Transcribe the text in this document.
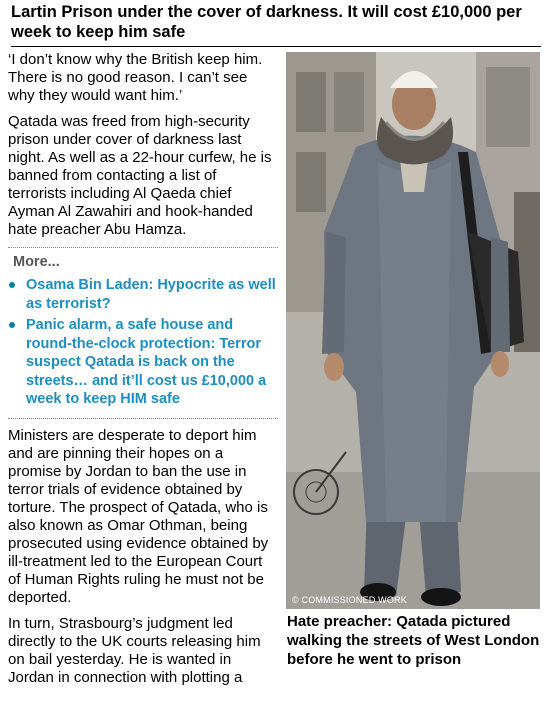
Lartin Prison under the cover of darkness. It will cost £10,000 per week to keep him safe

‘I don’t know why the British keep him. There is no good reason. I can’t see why they would want him.’

Qatada was freed from high-security prison under cover of darkness last night. As well as a 22-hour curfew, he is banned from contacting a list of terrorists including Al Qaeda chief Ayman Al Zawahiri and hook-handed hate preacher Abu Hamza.

More...
Osama Bin Laden: Hypocrite as well as terrorist?
Panic alarm, a safe house and round-the-clock protection: Terror suspect Qatada is back on the streets… and it’ll cost us £10,000 a week to keep HIM safe

Ministers are desperate to deport him and are pinning their hopes on a promise by Jordan to ban the use in terror trials of evidence obtained by torture. The prospect of Qatada, who is also known as Omar Othman, being prosecuted using evidence obtained by ill-treatment led to the European Court of Human Rights ruling he must not be deported.

In turn, Strasbourg’s judgment led directly to the UK courts releasing him on bail yesterday. He is wanted in Jordan in connection with plotting a

© COMMISSIONED WORK
Hate preacher: Qatada pictured walking the streets of West London before he went to prison
